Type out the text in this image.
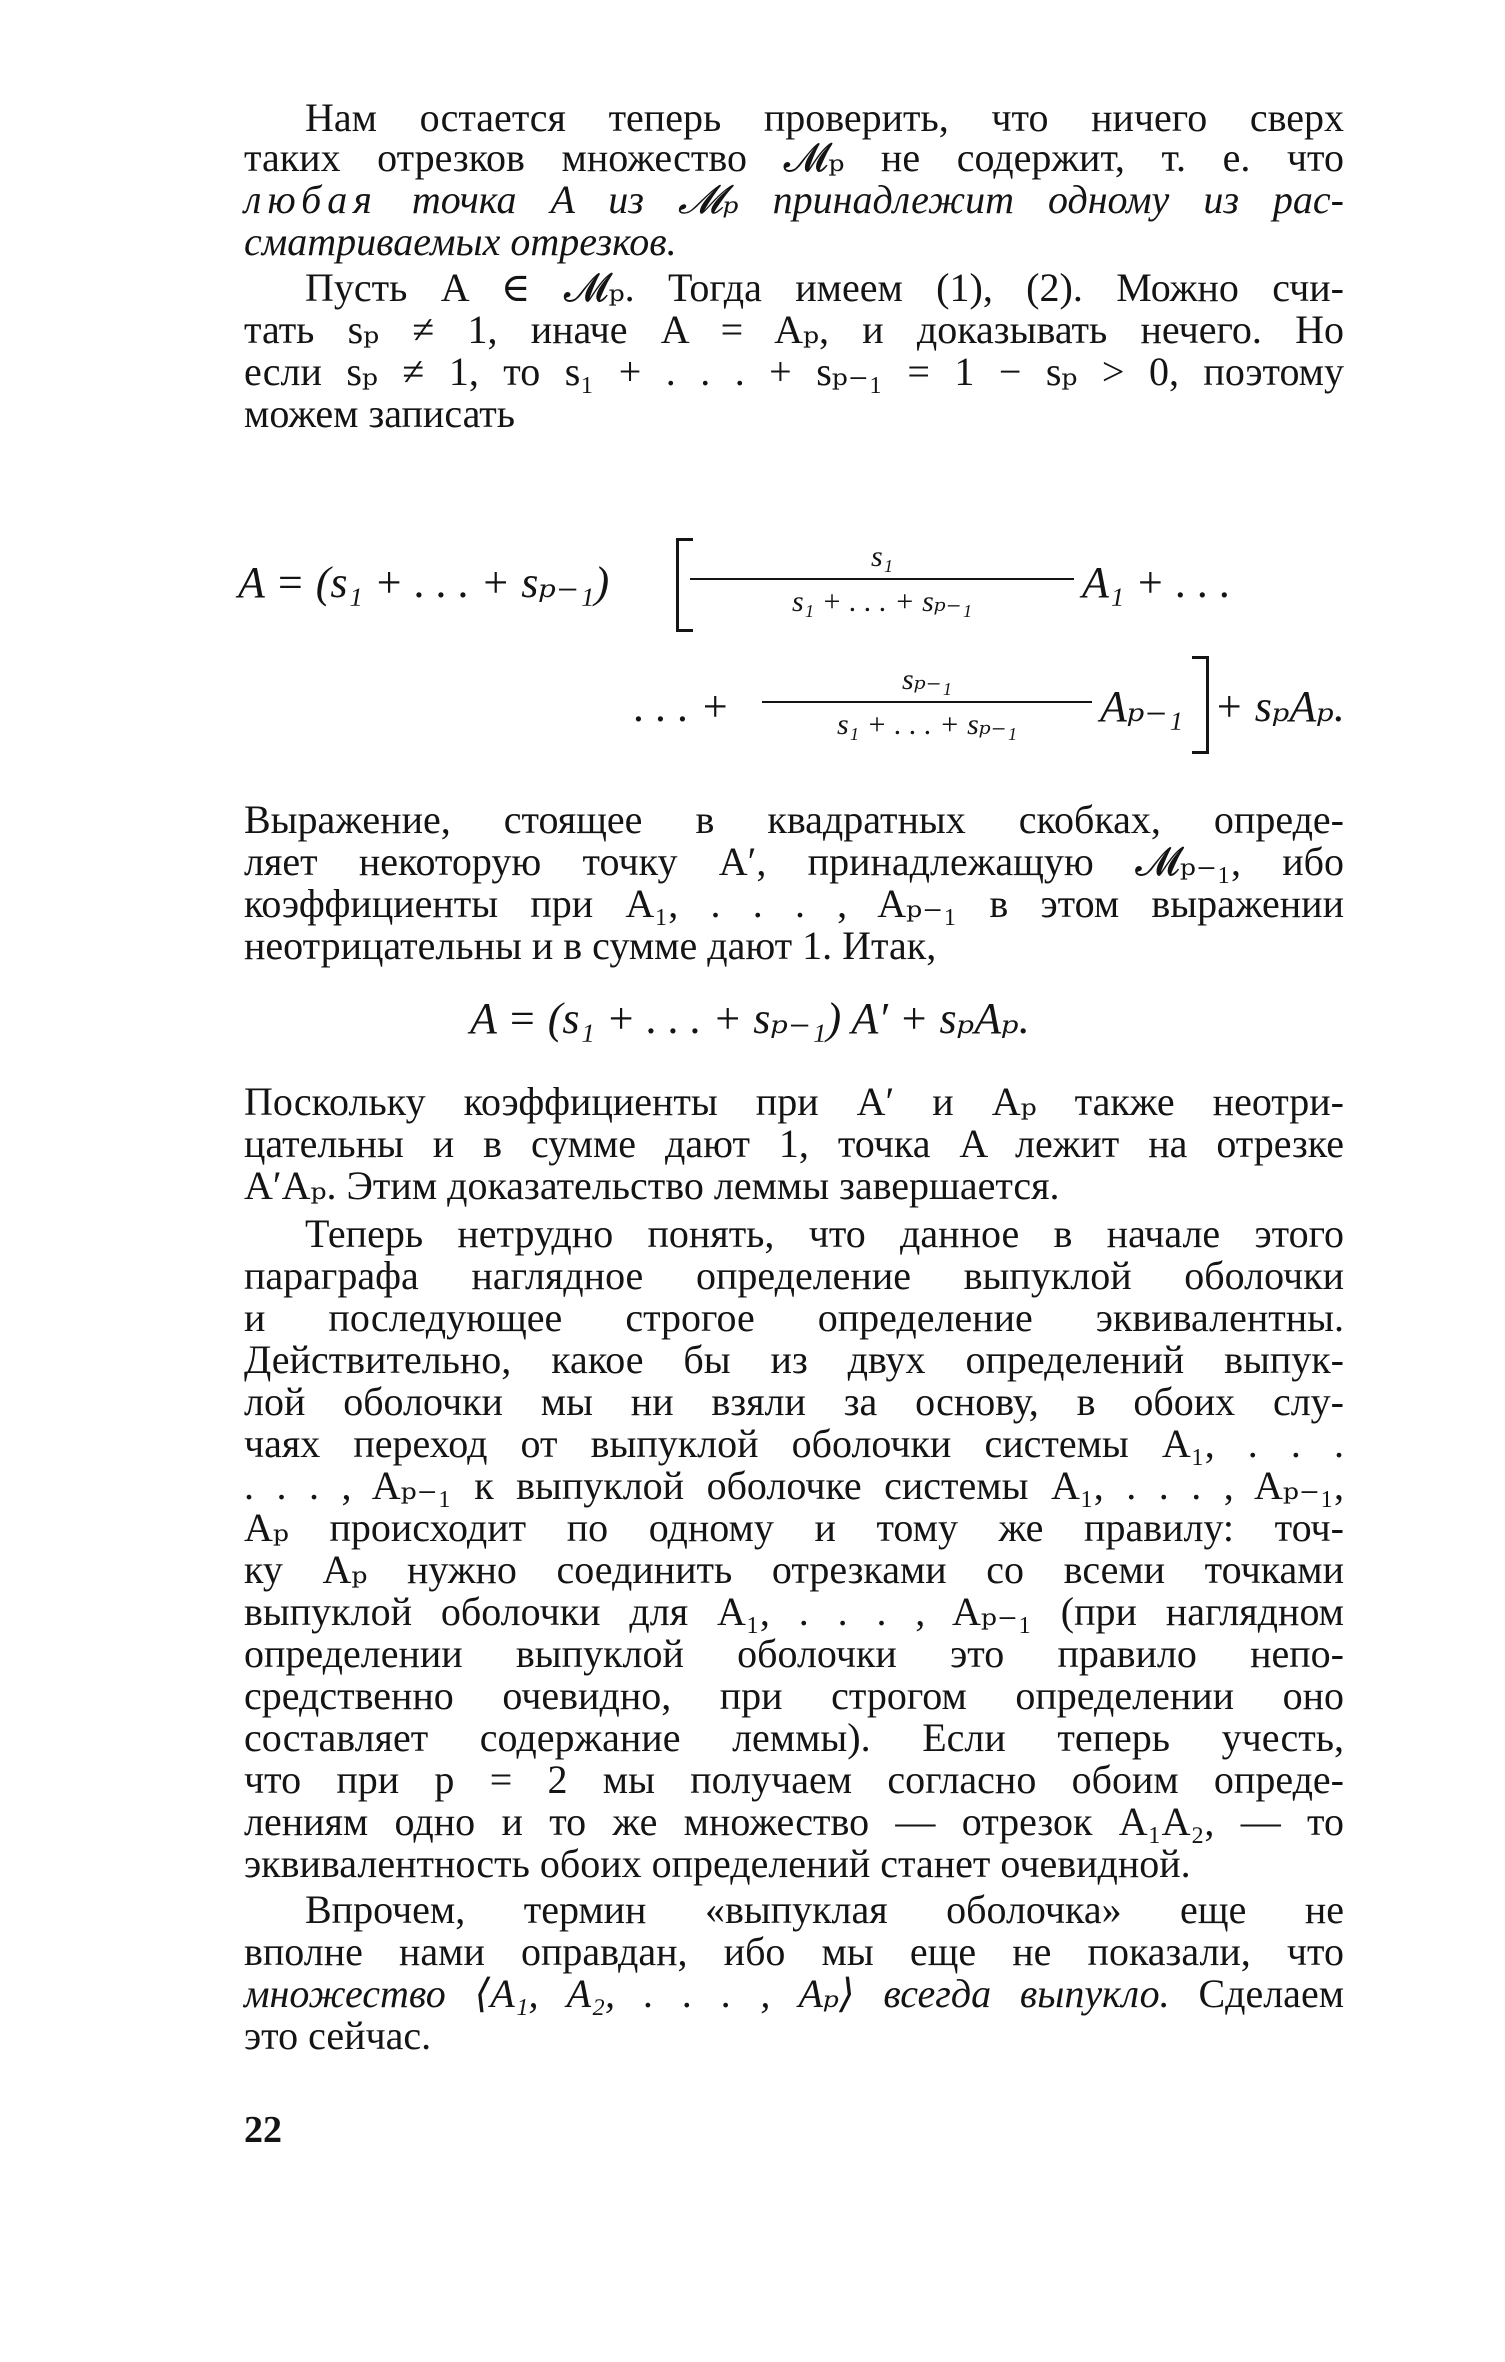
Нам остается теперь проверить, что ничего сверх
таких отрезков множество 𝓜ₚ не содержит, т. е. что
любая точка A из 𝓜ₚ принадлежит одному из рас-
сматриваемых отрезков.
Пусть A ∈ 𝓜ₚ. Тогда имеем (1), (2). Можно счи-
тать sₚ ≠ 1, иначе A = Aₚ, и доказывать нечего. Но
если sₚ ≠ 1, то s₁ + . . . + sₚ₋₁ = 1 − sₚ > 0, поэтому
можем записать
A = (s₁ + . . . + sₚ₋₁)	$\frac{\text{s₁}}{\text{s₁ + . . . + sₚ₋₁}} A_1$ + . . .
. . . + $\frac{\text{sₚ₋₁}}{\text{s₁ + . . . + sₚ₋₁}} A_{p-1} + s_pA_p$.
Выражение, стоящее в квадратных скобках, опреде-
ляет некоторую точку A′, принадлежащую 𝓜ₚ₋₁, ибо
коэффициенты при A₁, . . . , Aₚ₋₁ в этом выражении
неотрицательны и в сумме дают 1. Итак,
A = (s₁ + . . . + sₚ₋₁) A′ + sₚAₚ.
Поскольку коэффициенты при A′ и Aₚ также неотри-
цательны и в сумме дают 1, точка A лежит на отрезке
A′Aₚ. Этим доказательство леммы завершается.
Теперь нетрудно понять, что данное в начале этого
параграфа наглядное определение выпуклой оболочки
и последующее строгое определение эквивалентны.
Действительно, какое бы из двух определений выпук-
лой оболочки мы ни взяли за основу, в обоих слу-
чаях переход от выпуклой оболочки системы A₁, . . .
. . . , Aₚ₋₁ к выпуклой оболочке системы A₁, . . . , Aₚ₋₁,
Aₚ происходит по одному и тому же правилу: точ-
ку Aₚ нужно соединить отрезками со всеми точками
выпуклой оболочки для A₁, . . . , Aₚ₋₁ (при наглядном
определении выпуклой оболочки это правило непо-
средственно очевидно, при строгом определении оно
составляет содержание леммы). Если теперь учесть,
что при p = 2 мы получаем согласно обоим опреде-
лениям одно и то же множество — отрезок A₁A₂, — то
эквивалентность обоих определений станет очевидной.
Впрочем, термин «выпуклая оболочка» еще не
вполне нами оправдан, ибо мы еще не показали, что
множество ⟨A₁, A₂, . . . , Aₚ⟩ всегда выпукло. Сделаем
это сейчас.
22
